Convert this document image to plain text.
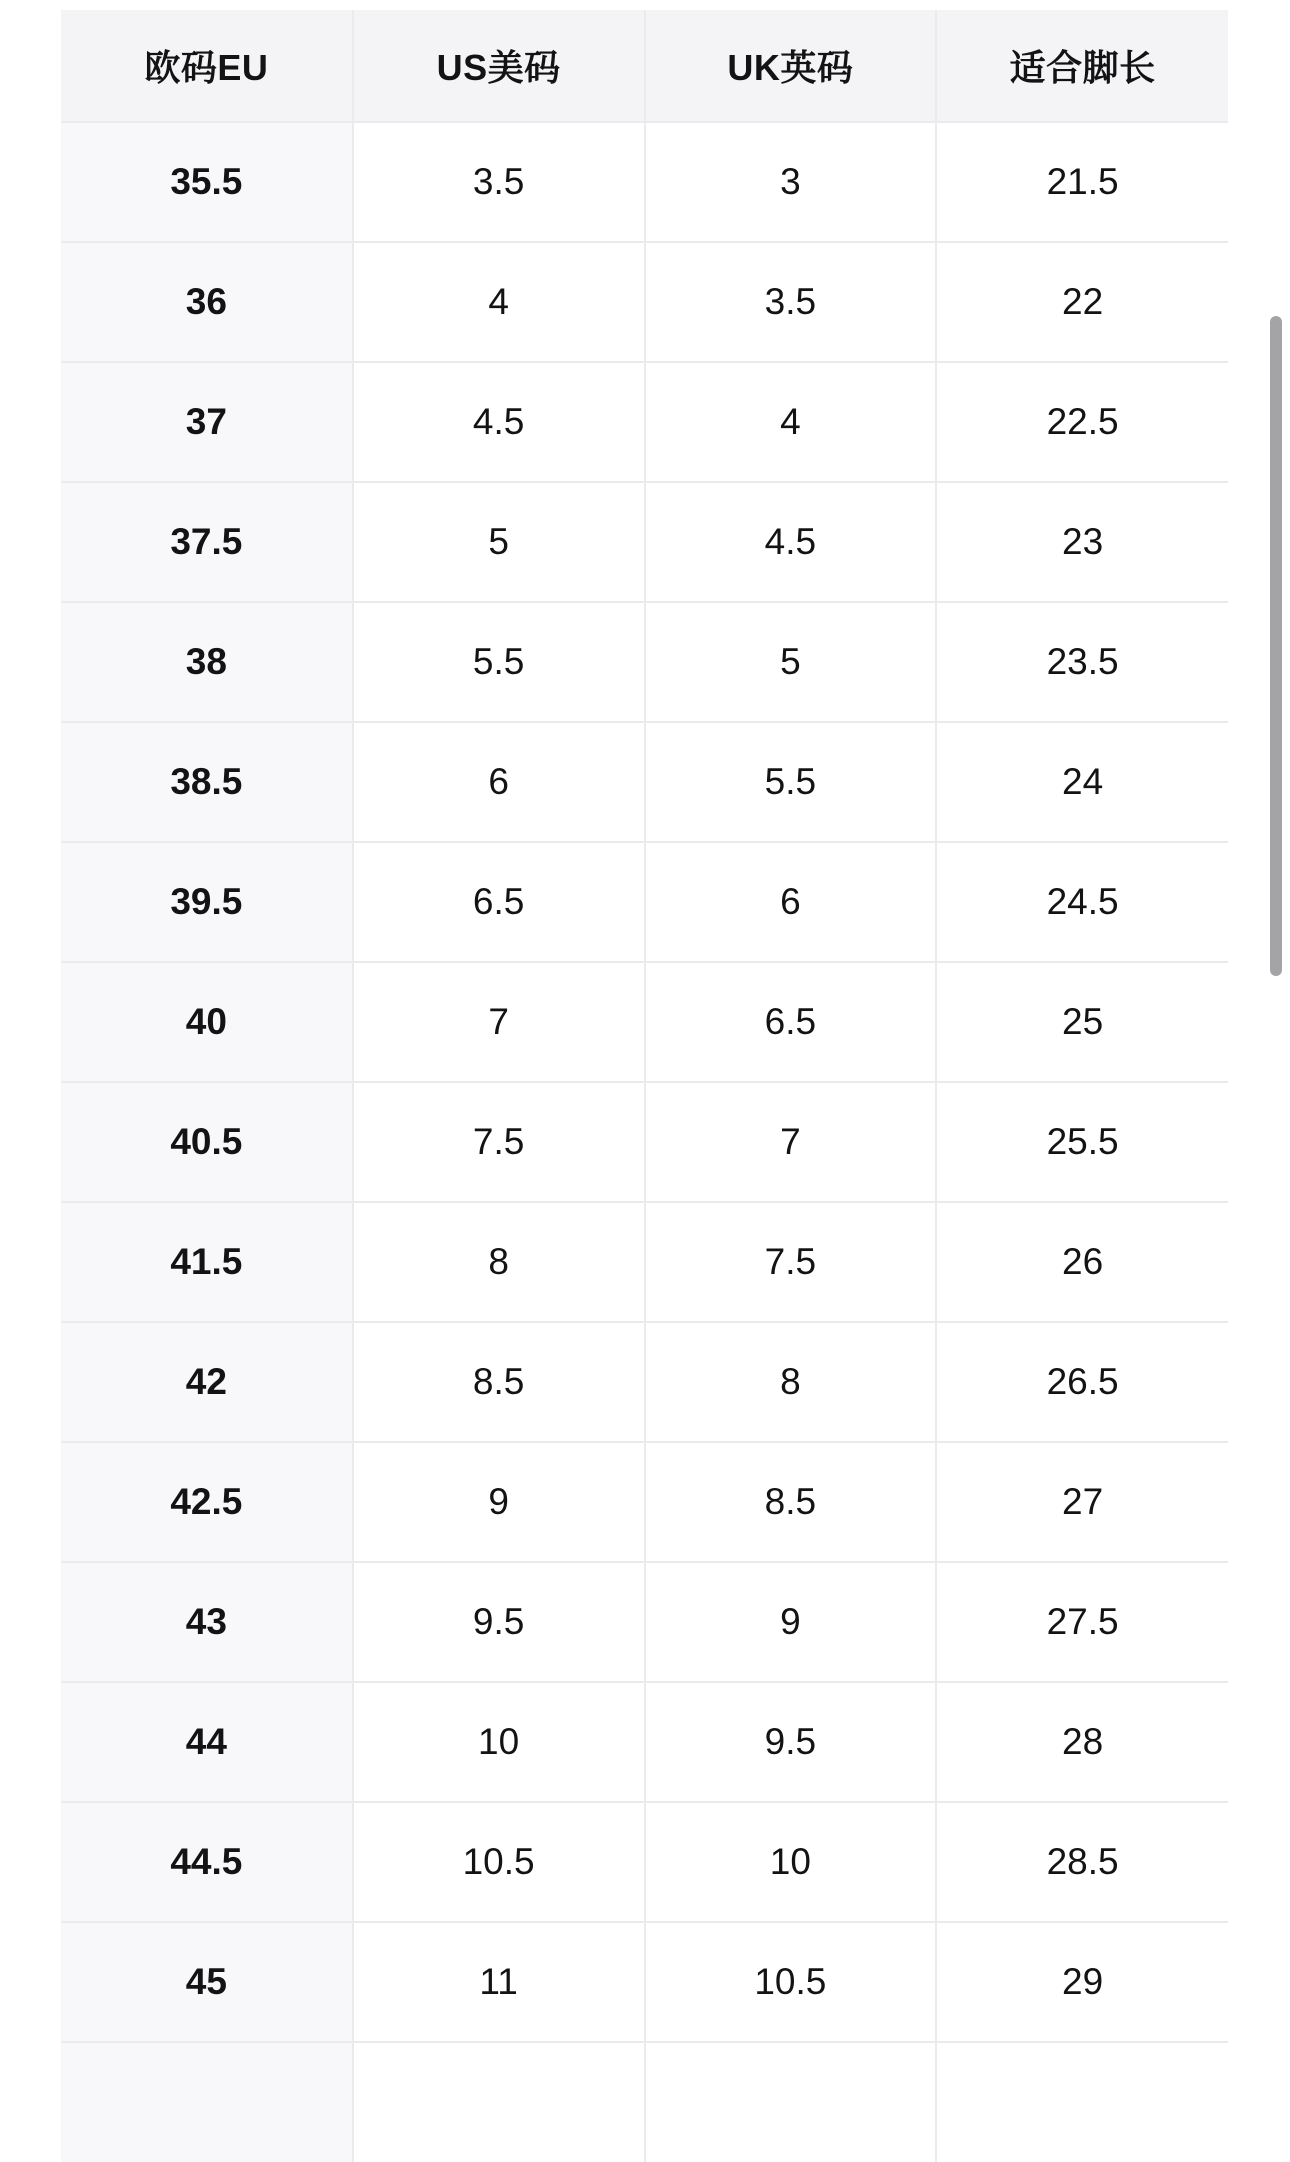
欧码EU	US美码	UK英码	适合脚长
35.5	3.5	3	21.5
36	4	3.5	22
37	4.5	4	22.5
37.5	5	4.5	23
38	5.5	5	23.5
38.5	6	5.5	24
39.5	6.5	6	24.5
40	7	6.5	25
40.5	7.5	7	25.5
41.5	8	7.5	26
42	8.5	8	26.5
42.5	9	8.5	27
43	9.5	9	27.5
44	10	9.5	28
44.5	10.5	10	28.5
45	11	10.5	29
